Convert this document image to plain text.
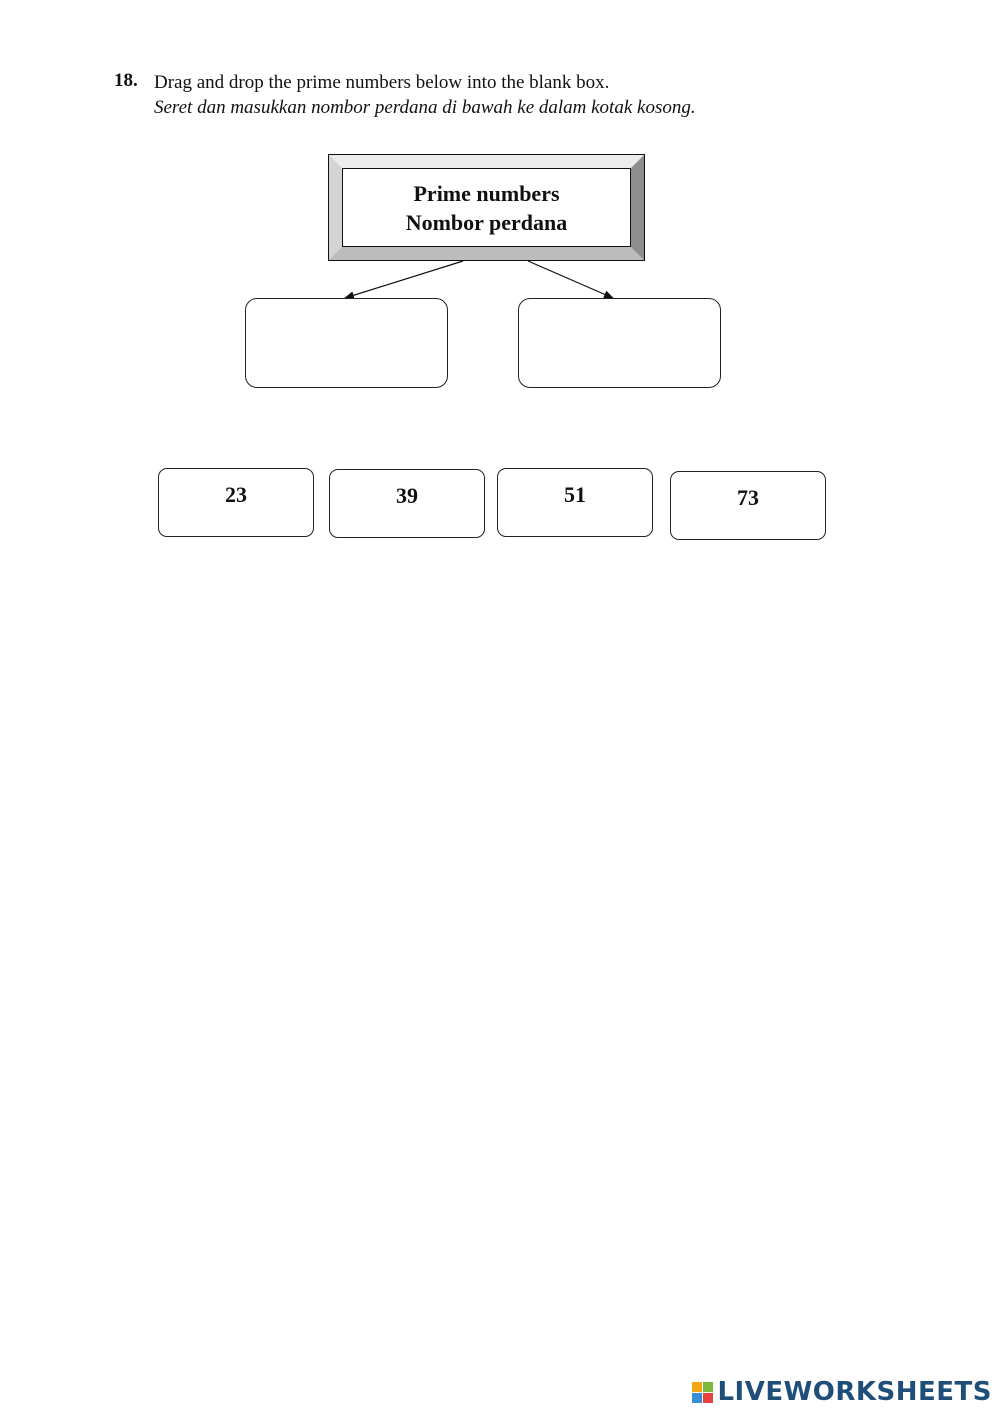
18. Drag and drop the prime numbers below into the blank box.
Seret dan masukkan nombor perdana di bawah ke dalam kotak kosong.
Prime numbers
Nombor perdana
23	39	51	73
LIVEWORKSHEETS
